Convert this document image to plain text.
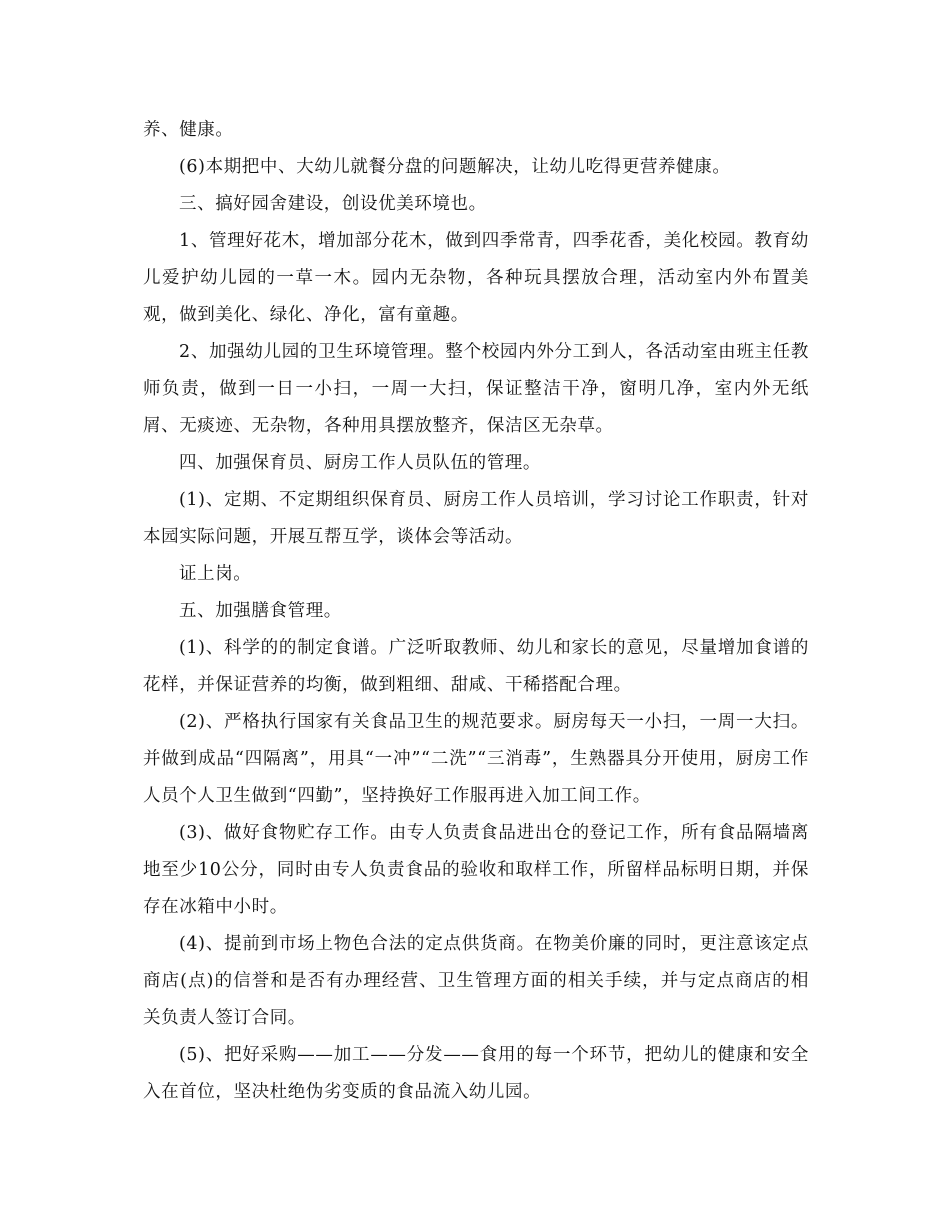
养、健康。

(6)本期把中、大幼儿就餐分盘的问题解决，让幼儿吃得更营养健康。

三、搞好园舍建设，创设优美环境也。

1、管理好花木，增加部分花木，做到四季常青，四季花香，美化校园。教育幼儿爱护幼儿园的一草一木。园内无杂物，各种玩具摆放合理，活动室内外布置美观，做到美化、绿化、净化，富有童趣。

2、加强幼儿园的卫生环境管理。整个校园内外分工到人，各活动室由班主任教师负责，做到一日一小扫，一周一大扫，保证整洁干净，窗明几净，室内外无纸屑、无痰迹、无杂物，各种用具摆放整齐，保洁区无杂草。

四、加强保育员、厨房工作人员队伍的管理。

(1)、定期、不定期组织保育员、厨房工作人员培训，学习讨论工作职责，针对本园实际问题，开展互帮互学，谈体会等活动。

证上岗。

五、加强膳食管理。

(1)、科学的的制定食谱。广泛听取教师、幼儿和家长的意见，尽量增加食谱的花样，并保证营养的均衡，做到粗细、甜咸、干稀搭配合理。

(2)、严格执行国家有关食品卫生的规范要求。厨房每天一小扫，一周一大扫。并做到成品“四隔离”，用具“一冲”“二洗”“三消毒”，生熟器具分开使用，厨房工作人员个人卫生做到“四勤”，坚持换好工作服再进入加工间工作。

(3)、做好食物贮存工作。由专人负责食品进出仓的登记工作，所有食品隔墙离地至少10公分，同时由专人负责食品的验收和取样工作，所留样品标明日期，并保存在冰箱中小时。

(4)、提前到市场上物色合法的定点供货商。在物美价廉的同时，更注意该定点商店(点)的信誉和是否有办理经营、卫生管理方面的相关手续，并与定点商店的相关负责人签订合同。

(5)、把好采购——加工——分发——食用的每一个环节，把幼儿的健康和安全入在首位，坚决杜绝伪劣变质的食品流入幼儿园。
